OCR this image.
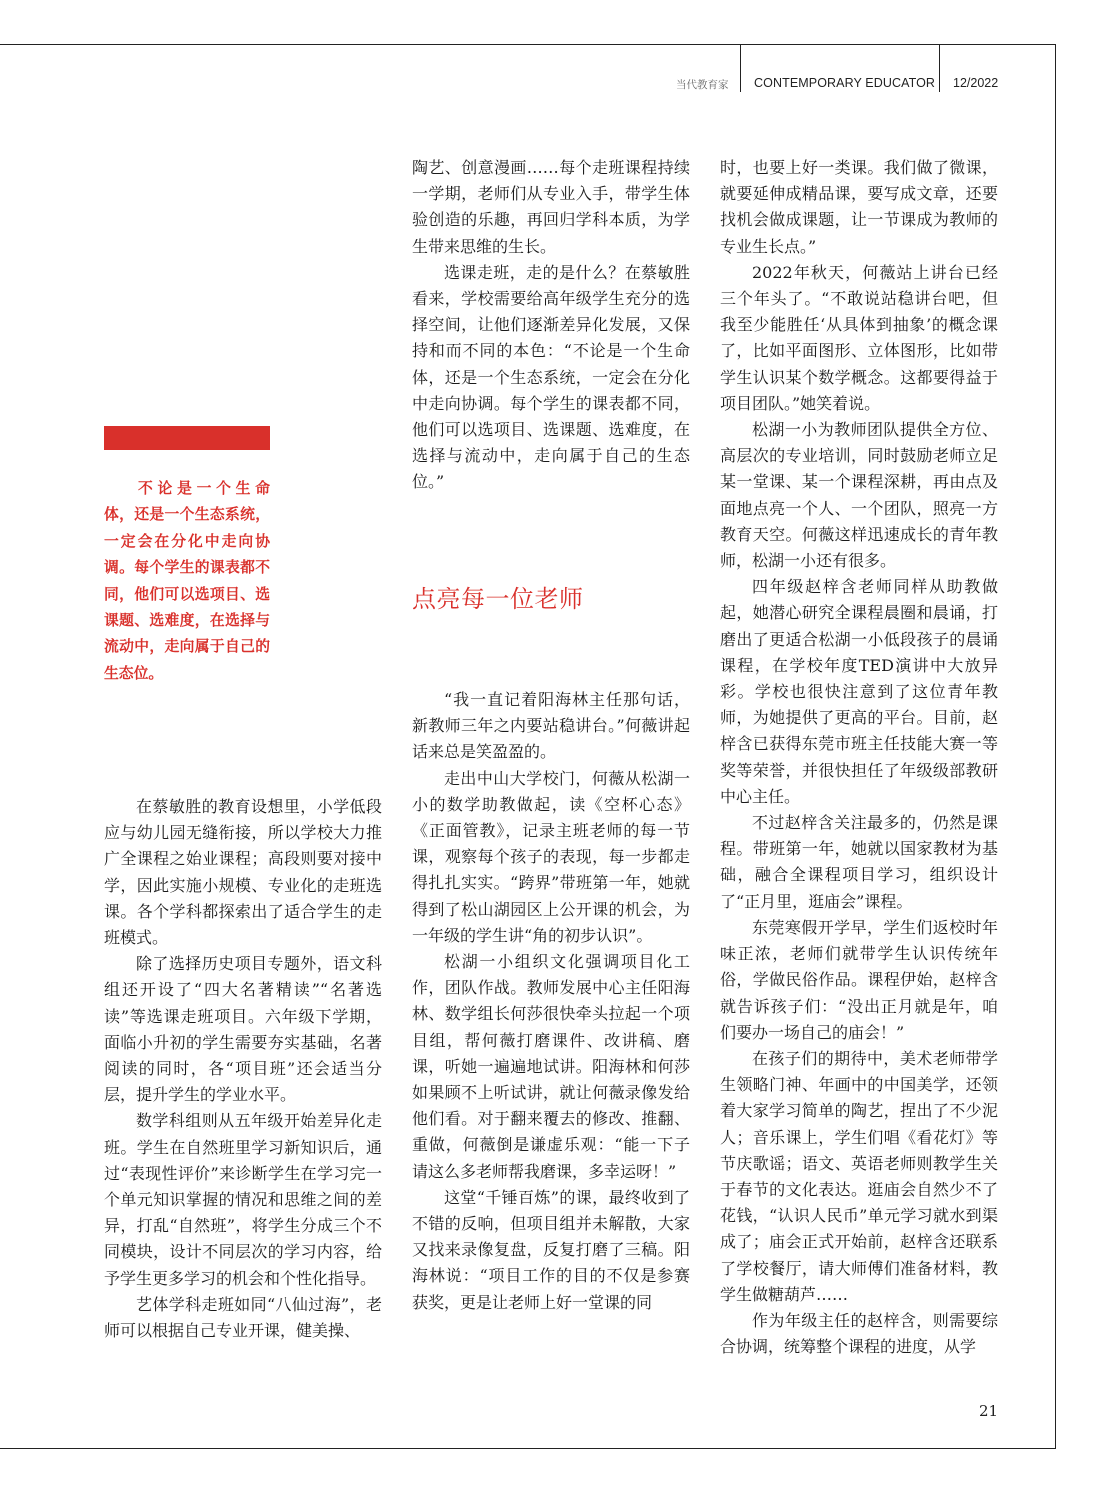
当代教育家 CONTEMPORARY EDUCATOR 12/2022
不论是一个生命体，还是一个生态系统，一定会在分化中走向协调。每个学生的课表都不同，他们可以选项目、选课题、选难度，在选择与流动中，走向属于自己的生态位。

在蔡敏胜的教育设想里，小学低段应与幼儿园无缝衔接，所以学校大力推广全课程之始业课程；高段则要对接中学，因此实施小规模、专业化的走班选课。各个学科都探索出了适合学生的走班模式。

除了选择历史项目专题外，语文科组还开设了“四大名著精读”“名著选读”等选课走班项目。六年级下学期，面临小升初的学生需要夯实基础，名著阅读的同时，各“项目班”还会适当分层，提升学生的学业水平。

数学科组则从五年级开始差异化走班。学生在自然班里学习新知识后，通过“表现性评价”来诊断学生在学习完一个单元知识掌握的情况和思维之间的差异，打乱“自然班”，将学生分成三个不同模块，设计不同层次的学习内容，给予学生更多学习的机会和个性化指导。

艺体学科走班如同“八仙过海”，老师可以根据自己专业开课，健美操、

陶艺、创意漫画……每个走班课程持续一学期，老师们从专业入手，带学生体验创造的乐趣，再回归学科本质，为学生带来思维的生长。

选课走班，走的是什么？在蔡敏胜看来，学校需要给高年级学生充分的选择空间，让他们逐渐差异化发展，又保持和而不同的本色：“不论是一个生命体，还是一个生态系统，一定会在分化中走向协调。每个学生的课表都不同，他们可以选项目、选课题、选难度，在选择与流动中，走向属于自己的生态位。”

点亮每一位老师

“我一直记着阳海林主任那句话，新教师三年之内要站稳讲台。”何薇讲起话来总是笑盈盈的。

走出中山大学校门，何薇从松湖一小的数学助教做起，读《空杯心态》《正面管教》，记录主班老师的每一节课，观察每个孩子的表现，每一步都走得扎扎实实。“跨界”带班第一年，她就得到了松山湖园区上公开课的机会，为一年级的学生讲“角的初步认识”。

松湖一小组织文化强调项目化工作，团队作战。教师发展中心主任阳海林、数学组长何莎很快牵头拉起一个项目组，帮何薇打磨课件、改讲稿、磨课，听她一遍遍地试讲。阳海林和何莎如果顾不上听试讲，就让何薇录像发给他们看。对于翻来覆去的修改、推翻、重做，何薇倒是谦虚乐观：“能一下子请这么多老师帮我磨课，多幸运呀！”

这堂“千锤百炼”的课，最终收到了不错的反响，但项目组并未解散，大家又找来录像复盘，反复打磨了三稿。阳海林说：“项目工作的目的不仅是参赛获奖，更是让老师上好一堂课的同

时，也要上好一类课。我们做了微课，就要延伸成精品课，要写成文章，还要找机会做成课题，让一节课成为教师的专业生长点。”

2022年秋天，何薇站上讲台已经三个年头了。“不敢说站稳讲台吧，但我至少能胜任‘从具体到抽象’的概念课了，比如平面图形、立体图形，比如带学生认识某个数学概念。这都要得益于项目团队。”她笑着说。

松湖一小为教师团队提供全方位、高层次的专业培训，同时鼓励老师立足某一堂课、某一个课程深耕，再由点及面地点亮一个人、一个团队，照亮一方教育天空。何薇这样迅速成长的青年教师，松湖一小还有很多。

四年级赵梓含老师同样从助教做起，她潜心研究全课程晨圈和晨诵，打磨出了更适合松湖一小低段孩子的晨诵课程，在学校年度TED演讲中大放异彩。学校也很快注意到了这位青年教师，为她提供了更高的平台。目前，赵梓含已获得东莞市班主任技能大赛一等奖等荣誉，并很快担任了年级级部教研中心主任。

不过赵梓含关注最多的，仍然是课程。带班第一年，她就以国家教材为基础，融合全课程项目学习，组织设计了“正月里，逛庙会”课程。

东莞寒假开学早，学生们返校时年味正浓，老师们就带学生认识传统年俗，学做民俗作品。课程伊始，赵梓含就告诉孩子们：“没出正月就是年，咱们要办一场自己的庙会！”

在孩子们的期待中，美术老师带学生领略门神、年画中的中国美学，还领着大家学习简单的陶艺，捏出了不少泥人；音乐课上，学生们唱《看花灯》等节庆歌谣；语文、英语老师则教学生关于春节的文化表达。逛庙会自然少不了花钱，“认识人民币”单元学习就水到渠成了；庙会正式开始前，赵梓含还联系了学校餐厅，请大师傅们准备材料，教学生做糖葫芦……

作为年级主任的赵梓含，则需要综合协调，统筹整个课程的进度，从学

21
